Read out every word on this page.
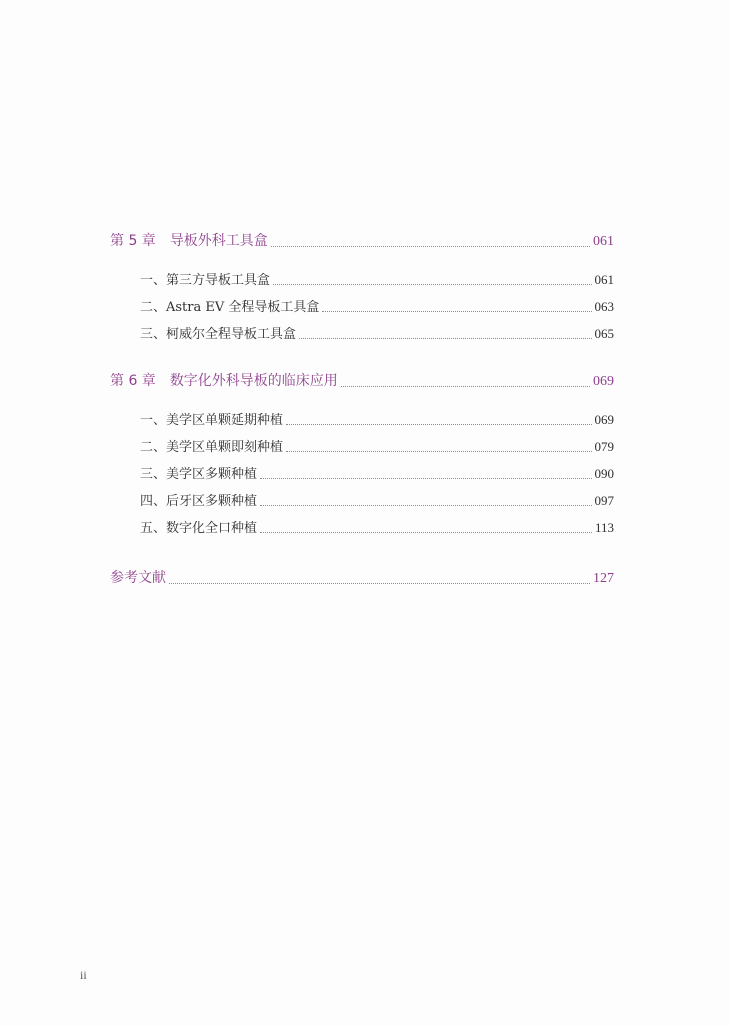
第 5 章 导板外科工具盒	061
一、第三方导板工具盒	061
二、Astra EV 全程导板工具盒	063
三、柯威尔全程导板工具盒	065
第 6 章 数字化外科导板的临床应用	069
一、美学区单颗延期种植	069
二、美学区单颗即刻种植	079
三、美学区多颗种植	090
四、后牙区多颗种植	097
五、数字化全口种植	113
参考文献	127
ii
